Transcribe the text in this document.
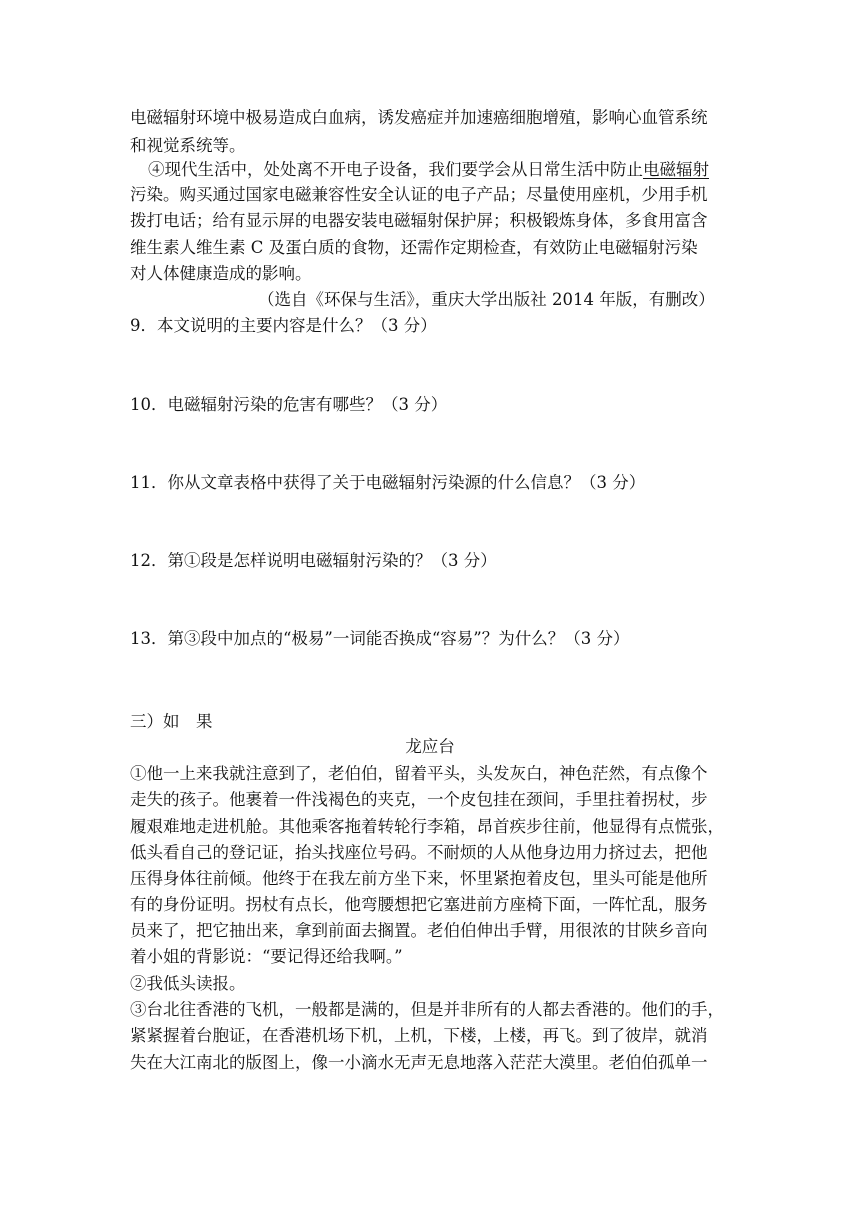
电磁辐射环境中极易造成白血病，诱发癌症并加速癌细胞增殖，影响心血管系统
和视觉系统等。
④现代生活中，处处离不开电子设备，我们要学会从日常生活中防止电磁辐射
污染。购买通过国家电磁兼容性安全认证的电子产品；尽量使用座机，少用手机
拨打电话；给有显示屏的电器安装电磁辐射保护屏；积极锻炼身体，多食用富含
维生素人维生素 C 及蛋白质的食物，还需作定期检查，有效防止电磁辐射污染
对人体健康造成的影响。
（选自《环保与生活》，重庆大学出版社 2014 年版，有删改）
9．本文说明的主要内容是什么？（3 分）
10．电磁辐射污染的危害有哪些？（3 分）
11．你从文章表格中获得了关于电磁辐射污染源的什么信息？（3 分）
12．第①段是怎样说明电磁辐射污染的？（3 分）
13．第③段中加点的“极易”一词能否换成“容易”？为什么？（3 分）
三）如　果
龙应台
①他一上来我就注意到了，老伯伯，留着平头，头发灰白，神色茫然，有点像个
走失的孩子。他裹着一件浅褐色的夹克，一个皮包挂在颈间，手里拄着拐杖，步
履艰难地走进机舱。其他乘客拖着转轮行李箱，昂首疾步往前，他显得有点慌张，
低头看自己的登记证，抬头找座位号码。不耐烦的人从他身边用力挤过去，把他
压得身体往前倾。他终于在我左前方坐下来，怀里紧抱着皮包，里头可能是他所
有的身份证明。拐杖有点长，他弯腰想把它塞进前方座椅下面，一阵忙乱，服务
员来了，把它抽出来，拿到前面去搁置。老伯伯伸出手臂，用很浓的甘陕乡音向
着小姐的背影说：“要记得还给我啊。”
②我低头读报。
③台北往香港的飞机，一般都是满的，但是并非所有的人都去香港的。他们的手，
紧紧握着台胞证，在香港机场下机，上机，下楼，上楼，再飞。到了彼岸，就消
失在大江南北的版图上，像一小滴水无声无息地落入茫茫大漠里。老伯伯孤单一
